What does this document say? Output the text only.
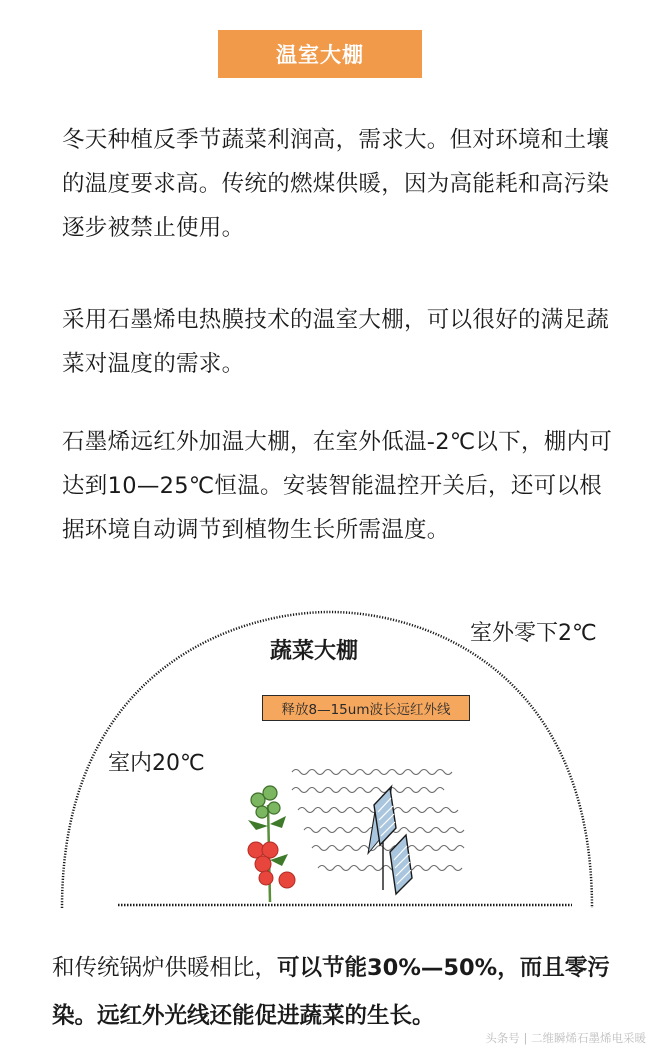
温室大棚
冬天种植反季节蔬菜利润高，需求大。但对环境和土壤的温度要求高。传统的燃煤供暖，因为高能耗和高污染逐步被禁止使用。
采用石墨烯电热膜技术的温室大棚，可以很好的满足蔬菜对温度的需求。
石墨烯远红外加温大棚，在室外低温-2℃以下，棚内可达到10—25℃恒温。安装智能温控开关后，还可以根据环境自动调节到植物生长所需温度。
室外零下2℃
蔬菜大棚
释放8—15um波长远红外线
室内20℃
和传统锅炉供暖相比，可以节能30%—50%，而且零污染。远红外光线还能促进蔬菜的生长。
头条号 | 二维瞬烯石墨烯电采暖
